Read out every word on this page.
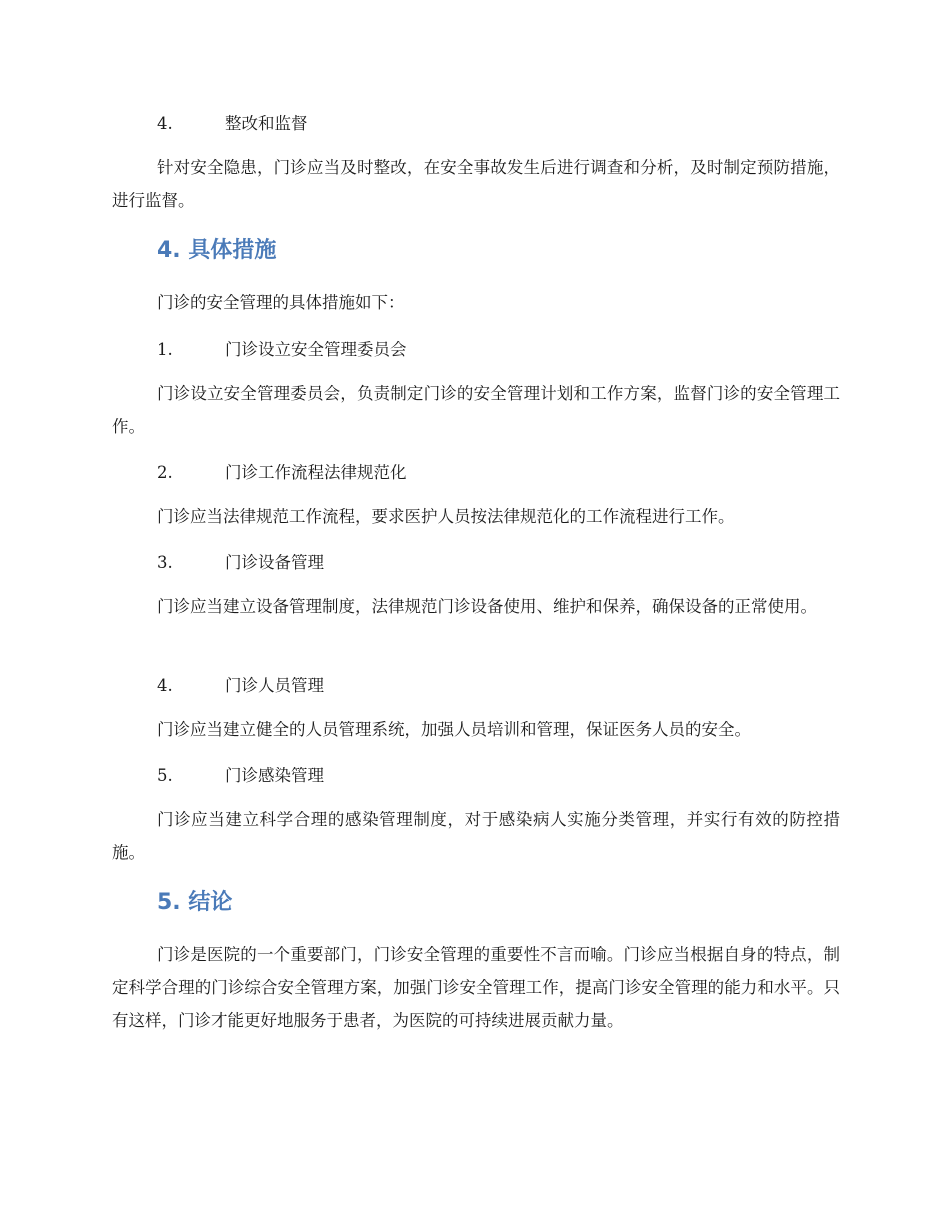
4.	整改和监督
针对安全隐患，门诊应当及时整改，在安全事故发生后进行调查和分析，及时制定预防措施，进行监督。
4. 具体措施
门诊的安全管理的具体措施如下：
1.	门诊设立安全管理委员会
门诊设立安全管理委员会，负责制定门诊的安全管理计划和工作方案，监督门诊的安全管理工作。
2.	门诊工作流程法律规范化
门诊应当法律规范工作流程，要求医护人员按法律规范化的工作流程进行工作。
3.	门诊设备管理
门诊应当建立设备管理制度，法律规范门诊设备使用、维护和保养，确保设备的正常使用。
4.	门诊人员管理
门诊应当建立健全的人员管理系统，加强人员培训和管理，保证医务人员的安全。
5.	门诊感染管理
门诊应当建立科学合理的感染管理制度，对于感染病人实施分类管理，并实行有效的防控措施。
5. 结论
门诊是医院的一个重要部门，门诊安全管理的重要性不言而喻。门诊应当根据自身的特点，制定科学合理的门诊综合安全管理方案，加强门诊安全管理工作，提高门诊安全管理的能力和水平。只有这样，门诊才能更好地服务于患者，为医院的可持续进展贡献力量。
